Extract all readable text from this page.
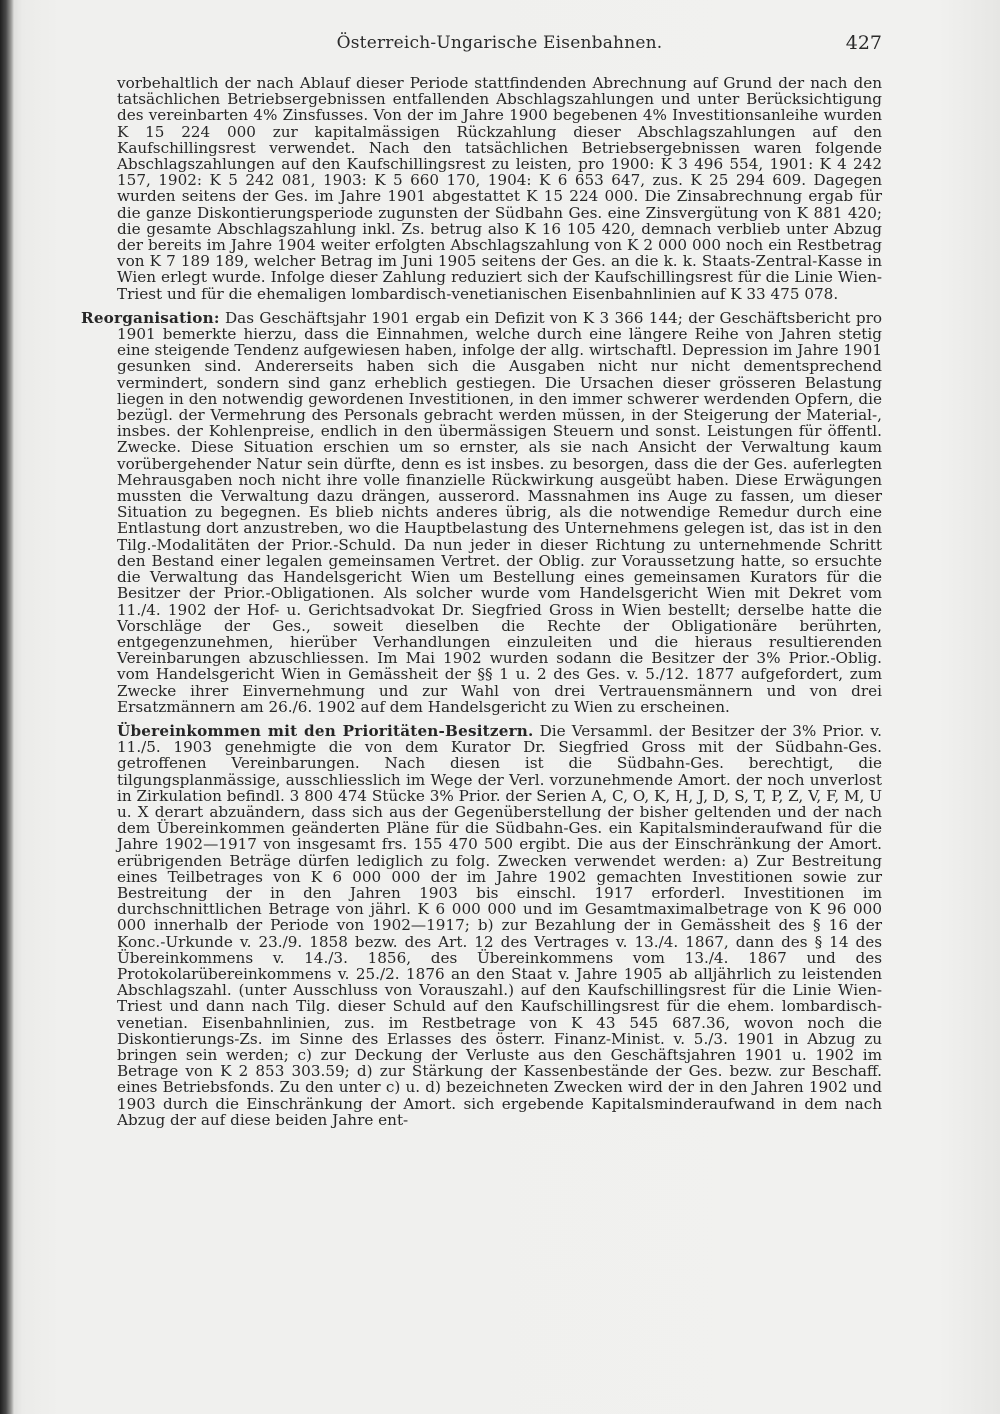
Österreich-Ungarische Eisenbahnen.	427

vorbehaltlich der nach Ablauf dieser Periode stattfindenden Abrechnung auf Grund der nach den tatsächlichen Betriebsergebnissen entfallenden Abschlagszahlungen und unter Berücksichtigung des vereinbarten 4% Zinsfusses. Von der im Jahre 1900 begebenen 4% Investitionsanleihe wurden K 15 224 000 zur kapitalmässigen Rückzahlung dieser Abschlagszahlungen auf den Kaufschillingsrest verwendet. Nach den tatsächlichen Betriebsergebnissen waren folgende Abschlagszahlungen auf den Kaufschillingsrest zu leisten, pro 1900: K 3 496 554, 1901: K 4 242 157, 1902: K 5 242 081, 1903: K 5 660 170, 1904: K 6 653 647, zus. K 25 294 609. Dagegen wurden seitens der Ges. im Jahre 1901 abgestattet K 15 224 000. Die Zinsabrechnung ergab für die ganze Diskontierungsperiode zugunsten der Südbahn Ges. eine Zinsvergütung von K 881 420; die gesamte Abschlagszahlung inkl. Zs. betrug also K 16 105 420, demnach verblieb unter Abzug der bereits im Jahre 1904 weiter erfolgten Abschlagszahlung von K 2 000 000 noch ein Restbetrag von K 7 189 189, welcher Betrag im Juni 1905 seitens der Ges. an die k. k. Staats-Zentral-Kasse in Wien erlegt wurde. Infolge dieser Zahlung reduziert sich der Kaufschillingsrest für die Linie Wien-Triest und für die ehemaligen lombardisch-venetianischen Eisenbahnlinien auf K 33 475 078.

Reorganisation: Das Geschäftsjahr 1901 ergab ein Defizit von K 3 366 144; der Geschäftsbericht pro 1901 bemerkte hierzu, dass die Einnahmen, welche durch eine längere Reihe von Jahren stetig eine steigende Tendenz aufgewiesen haben, infolge der allg. wirtschaftl. Depression im Jahre 1901 gesunken sind. Andererseits haben sich die Ausgaben nicht nur nicht dementsprechend vermindert, sondern sind ganz erheblich gestiegen. Die Ursachen dieser grösseren Belastung liegen in den notwendig gewordenen Investitionen, in den immer schwerer werdenden Opfern, die bezügl. der Vermehrung des Personals gebracht werden müssen, in der Steigerung der Material-, insbes. der Kohlenpreise, endlich in den übermässigen Steuern und sonst. Leistungen für öffentl. Zwecke. Diese Situation erschien um so ernster, als sie nach Ansicht der Verwaltung kaum vorübergehender Natur sein dürfte, denn es ist insbes. zu besorgen, dass die der Ges. auferlegten Mehrausgaben noch nicht ihre volle finanzielle Rückwirkung ausgeübt haben. Diese Erwägungen mussten die Verwaltung dazu drängen, ausserord. Massnahmen ins Auge zu fassen, um dieser Situation zu begegnen. Es blieb nichts anderes übrig, als die notwendige Remedur durch eine Entlastung dort anzustreben, wo die Hauptbelastung des Unternehmens gelegen ist, das ist in den Tilg.-Modalitäten der Prior.-Schuld. Da nun jeder in dieser Richtung zu unternehmende Schritt den Bestand einer legalen gemeinsamen Vertret. der Oblig. zur Voraussetzung hatte, so ersuchte die Verwaltung das Handelsgericht Wien um Bestellung eines gemeinsamen Kurators für die Besitzer der Prior.-Obligationen. Als solcher wurde vom Handelsgericht Wien mit Dekret vom 11./4. 1902 der Hof- u. Gerichtsadvokat Dr. Siegfried Gross in Wien bestellt; derselbe hatte die Vorschläge der Ges., soweit dieselben die Rechte der Obligationäre berührten, entgegenzunehmen, hierüber Verhandlungen einzuleiten und die hieraus resultierenden Vereinbarungen abzuschliessen. Im Mai 1902 wurden sodann die Besitzer der 3% Prior.-Oblig. vom Handelsgericht Wien in Gemässheit der §§ 1 u. 2 des Ges. v. 5./12. 1877 aufgefordert, zum Zwecke ihrer Einvernehmung und zur Wahl von drei Vertrauensmännern und von drei Ersatzmännern am 26./6. 1902 auf dem Handelsgericht zu Wien zu erscheinen.

Übereinkommen mit den Prioritäten-Besitzern. Die Versamml. der Besitzer der 3% Prior. v. 11./5. 1903 genehmigte die von dem Kurator Dr. Siegfried Gross mit der Südbahn-Ges. getroffenen Vereinbarungen. Nach diesen ist die Südbahn-Ges. berechtigt, die tilgungsplanmässige, ausschliesslich im Wege der Verl. vorzunehmende Amort. der noch unverlost in Zirkulation befindl. 3 800 474 Stücke 3% Prior. der Serien A, C, O, K, H, J, D, S, T, P, Z, V, F, M, U u. X derart abzuändern, dass sich aus der Gegenüberstellung der bisher geltenden und der nach dem Übereinkommen geänderten Pläne für die Südbahn-Ges. ein Kapitalsminderaufwand für die Jahre 1902—1917 von insgesamt frs. 155 470 500 ergibt. Die aus der Einschränkung der Amort. erübrigenden Beträge dürfen lediglich zu folg. Zwecken verwendet werden: a) Zur Bestreitung eines Teilbetrages von K 6 000 000 der im Jahre 1902 gemachten Investitionen sowie zur Bestreitung der in den Jahren 1903 bis einschl. 1917 erforderl. Investitionen im durchschnittlichen Betrage von jährl. K 6 000 000 und im Gesamtmaximalbetrage von K 96 000 000 innerhalb der Periode von 1902—1917; b) zur Bezahlung der in Gemässheit des § 16 der Konc.-Urkunde v. 23./9. 1858 bezw. des Art. 12 des Vertrages v. 13./4. 1867, dann des § 14 des Übereinkommens v. 14./3. 1856, des Übereinkommens vom 13./4. 1867 und des Protokolarübereinkommens v. 25./2. 1876 an den Staat v. Jahre 1905 ab alljährlich zu leistenden Abschlagszahl. (unter Ausschluss von Vorauszahl.) auf den Kaufschillingsrest für die Linie Wien-Triest und dann nach Tilg. dieser Schuld auf den Kaufschillingsrest für die ehem. lombardisch-venetian. Eisenbahnlinien, zus. im Restbetrage von K 43 545 687.36, wovon noch die Diskontierungs-Zs. im Sinne des Erlasses des österr. Finanz-Minist. v. 5./3. 1901 in Abzug zu bringen sein werden; c) zur Deckung der Verluste aus den Geschäftsjahren 1901 u. 1902 im Betrage von K 2 853 303.59; d) zur Stärkung der Kassenbestände der Ges. bezw. zur Beschaff. eines Betriebsfonds. Zu den unter c) u. d) bezeichneten Zwecken wird der in den Jahren 1902 und 1903 durch die Einschränkung der Amort. sich ergebende Kapitalsminderaufwand in dem nach Abzug der auf diese beiden Jahre ent-
